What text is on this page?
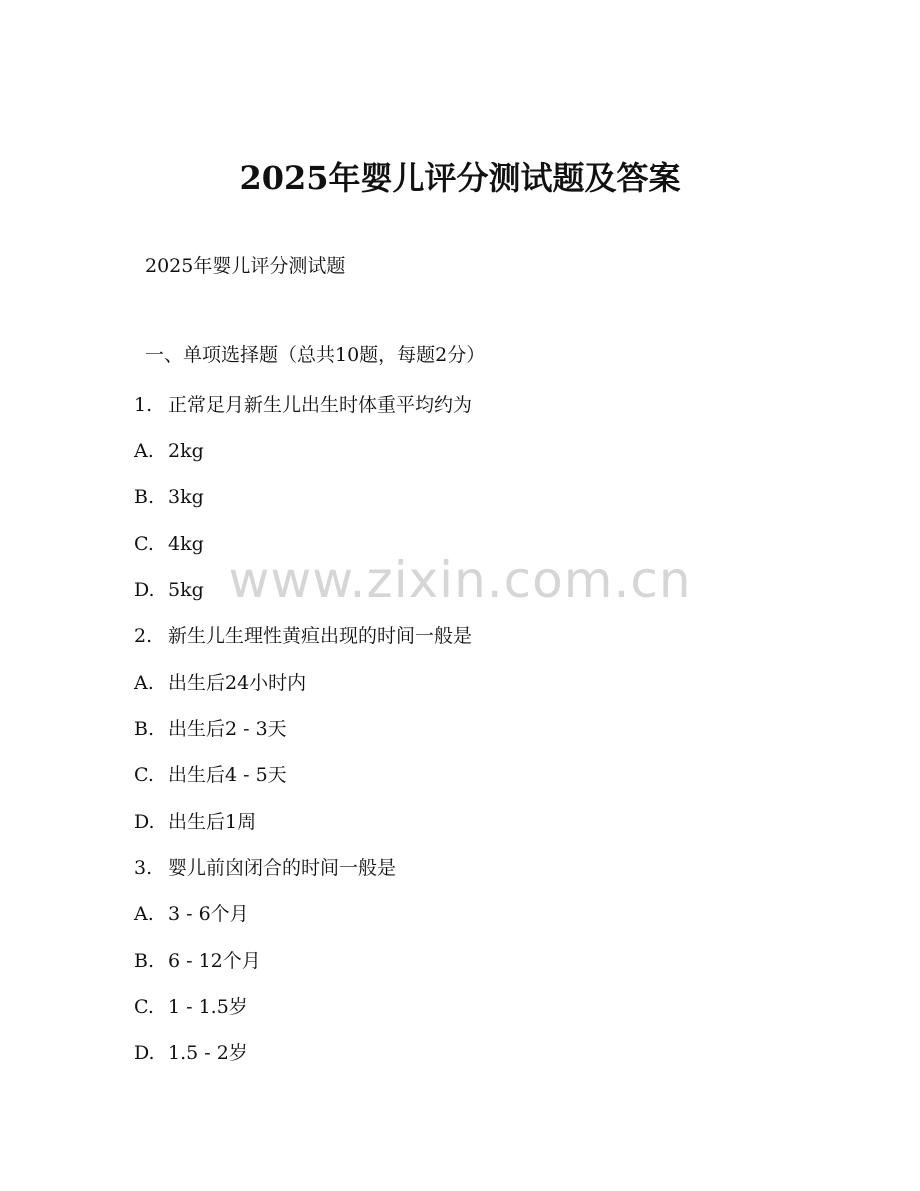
2025年婴儿评分测试题及答案
2025年婴儿评分测试题
一、单项选择题（总共10题，每题2分）
www.zixin.com.cn
1. 正常足月新生儿出生时体重平均约为
A. 2kg
B. 3kg
C. 4kg
D. 5kg
2. 新生儿生理性黄疸出现的时间一般是
A. 出生后24小时内
B. 出生后2 - 3天
C. 出生后4 - 5天
D. 出生后1周
3. 婴儿前囟闭合的时间一般是
A. 3 - 6个月
B. 6 - 12个月
C. 1 - 1.5岁
D. 1.5 - 2岁
